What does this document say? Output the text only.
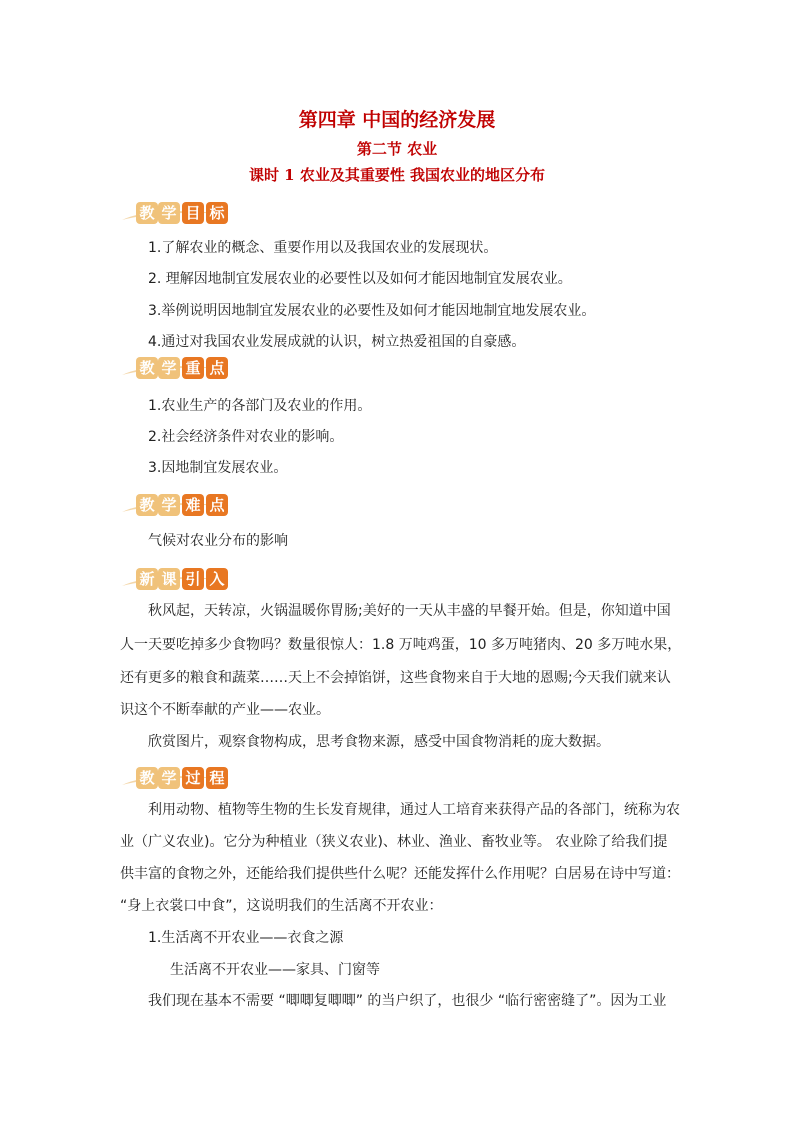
第四章 中国的经济发展
第二节 农业
课时 1 农业及其重要性 我国农业的地区分布
教 学 目 标
1.了解农业的概念、重要作用以及我国农业的发展现状。
2. 理解因地制宜发展农业的必要性以及如何才能因地制宜发展农业。
3.举例说明因地制宜发展农业的必要性及如何才能因地制宜地发展农业。
4.通过对我国农业发展成就的认识，树立热爱祖国的自豪感。
教 学 重 点
1.农业生产的各部门及农业的作用。
2.社会经济条件对农业的影响。
3.因地制宜发展农业。
教 学 难 点
气候对农业分布的影响
新 课 引 入
秋风起，天转凉，火锅温暖你胃肠;美好的一天从丰盛的早餐开始。但是，你知道中国
人一天要吃掉多少食物吗？数量很惊人：1.8 万吨鸡蛋，10 多万吨猪肉、20 多万吨水果，
还有更多的粮食和蔬菜……天上不会掉馅饼，这些食物来自于大地的恩赐;今天我们就来认
识这个不断奉献的产业——农业。
欣赏图片，观察食物构成，思考食物来源，感受中国食物消耗的庞大数据。
教 学 过 程
利用动物、植物等生物的生长发育规律，通过人工培育来获得产品的各部门，统称为农
业（广义农业)。它分为种植业（狭义农业)、林业、渔业、畜牧业等。 农业除了给我们提
供丰富的食物之外，还能给我们提供些什么呢？还能发挥什么作用呢？白居易在诗中写道：
“身上衣裳口中食”，这说明我们的生活离不开农业：
1.生活离不开农业——衣食之源
生活离不开农业——家具、门窗等
我们现在基本不需要 “唧唧复唧唧” 的当户织了，也很少 “临行密密缝了”。因为工业
